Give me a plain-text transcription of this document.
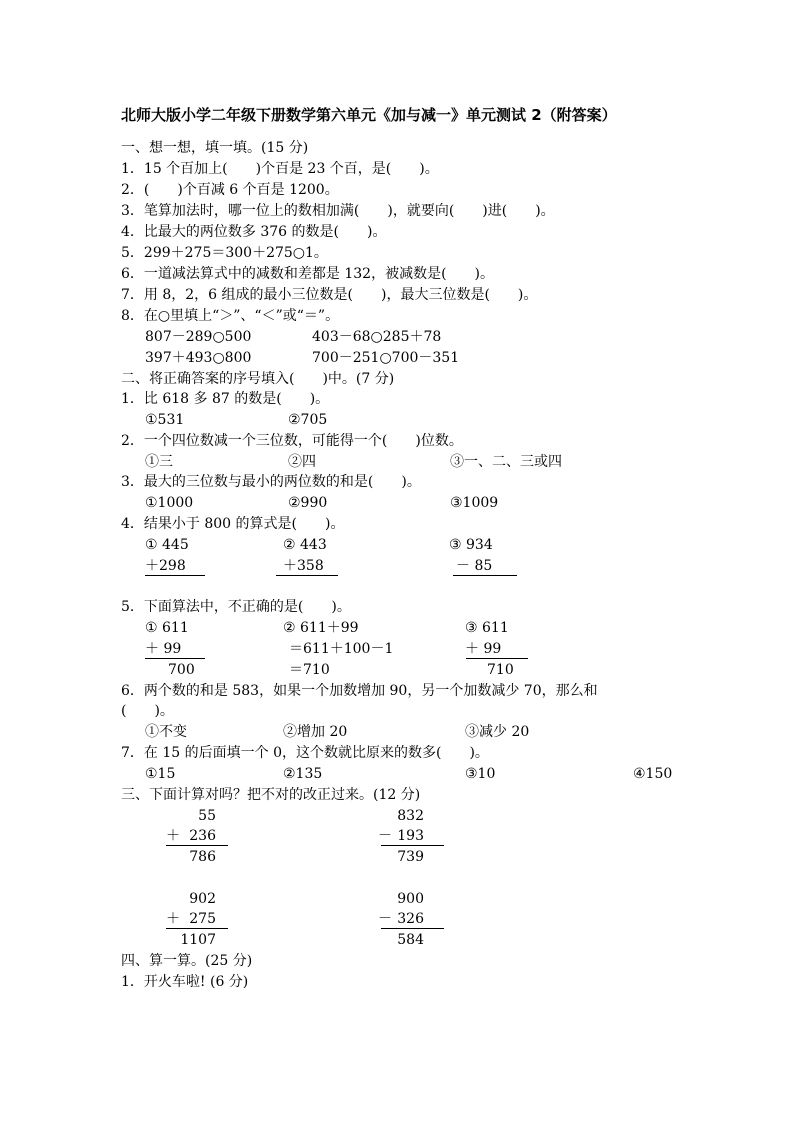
北师大版小学二年级下册数学第六单元《加与减一》单元测试 2（附答案）
一、想一想，填一填。(15 分)
1．15 个百加上(　　)个百是 23 个百，是(　　)。
2．(　　)个百减 6 个百是 1200。
3．笔算加法时，哪一位上的数相加满(　　)，就要向(　　)进(　　)。
4．比最大的两位数多 376 的数是(　　)。
5．299＋275＝300＋275○1。
6．一道减法算式中的减数和差都是 132，被减数是(　　)。
7．用 8，2，6 组成的最小三位数是(　　)，最大三位数是(　　)。
8．在○里填上“＞”、“＜”或“＝”。
807－289○500	403－68○285＋78
397＋493○800	700－251○700－351
二、将正确答案的序号填入(　　)中。(7 分)
1．比 618 多 87 的数是(　　)。
①531	②705
2．一个四位数减一个三位数，可能得一个(　　)位数。
①三	②四	③一、二、三或四
3．最大的三位数与最小的两位数的和是(　　)。
①1000	②990	③1009
4．结果小于 800 的算式是(　　)。
① 445
＋298
② 443
＋358
③ 934
－ 85
5．下面算法中，不正确的是(　　)。
① 611
＋ 99
700
② 611＋99
＝611＋100－1
＝710
③ 611
＋ 99
710
6．两个数的和是 583，如果一个加数增加 90，另一个加数减少 70，那么和
(　　)。
①不变	②增加 20	③减少 20
7．在 15 的后面填一个 0，这个数就比原来的数多(　　)。
①15	②135	③10	④150
三、下面计算对吗？把不对的改正过来。(12 分)
55
＋ 236
786
832
－ 193
739
902
＋ 275
1107
900
－ 326
584
四、算一算。(25 分)
1．开火车啦! (6 分)
